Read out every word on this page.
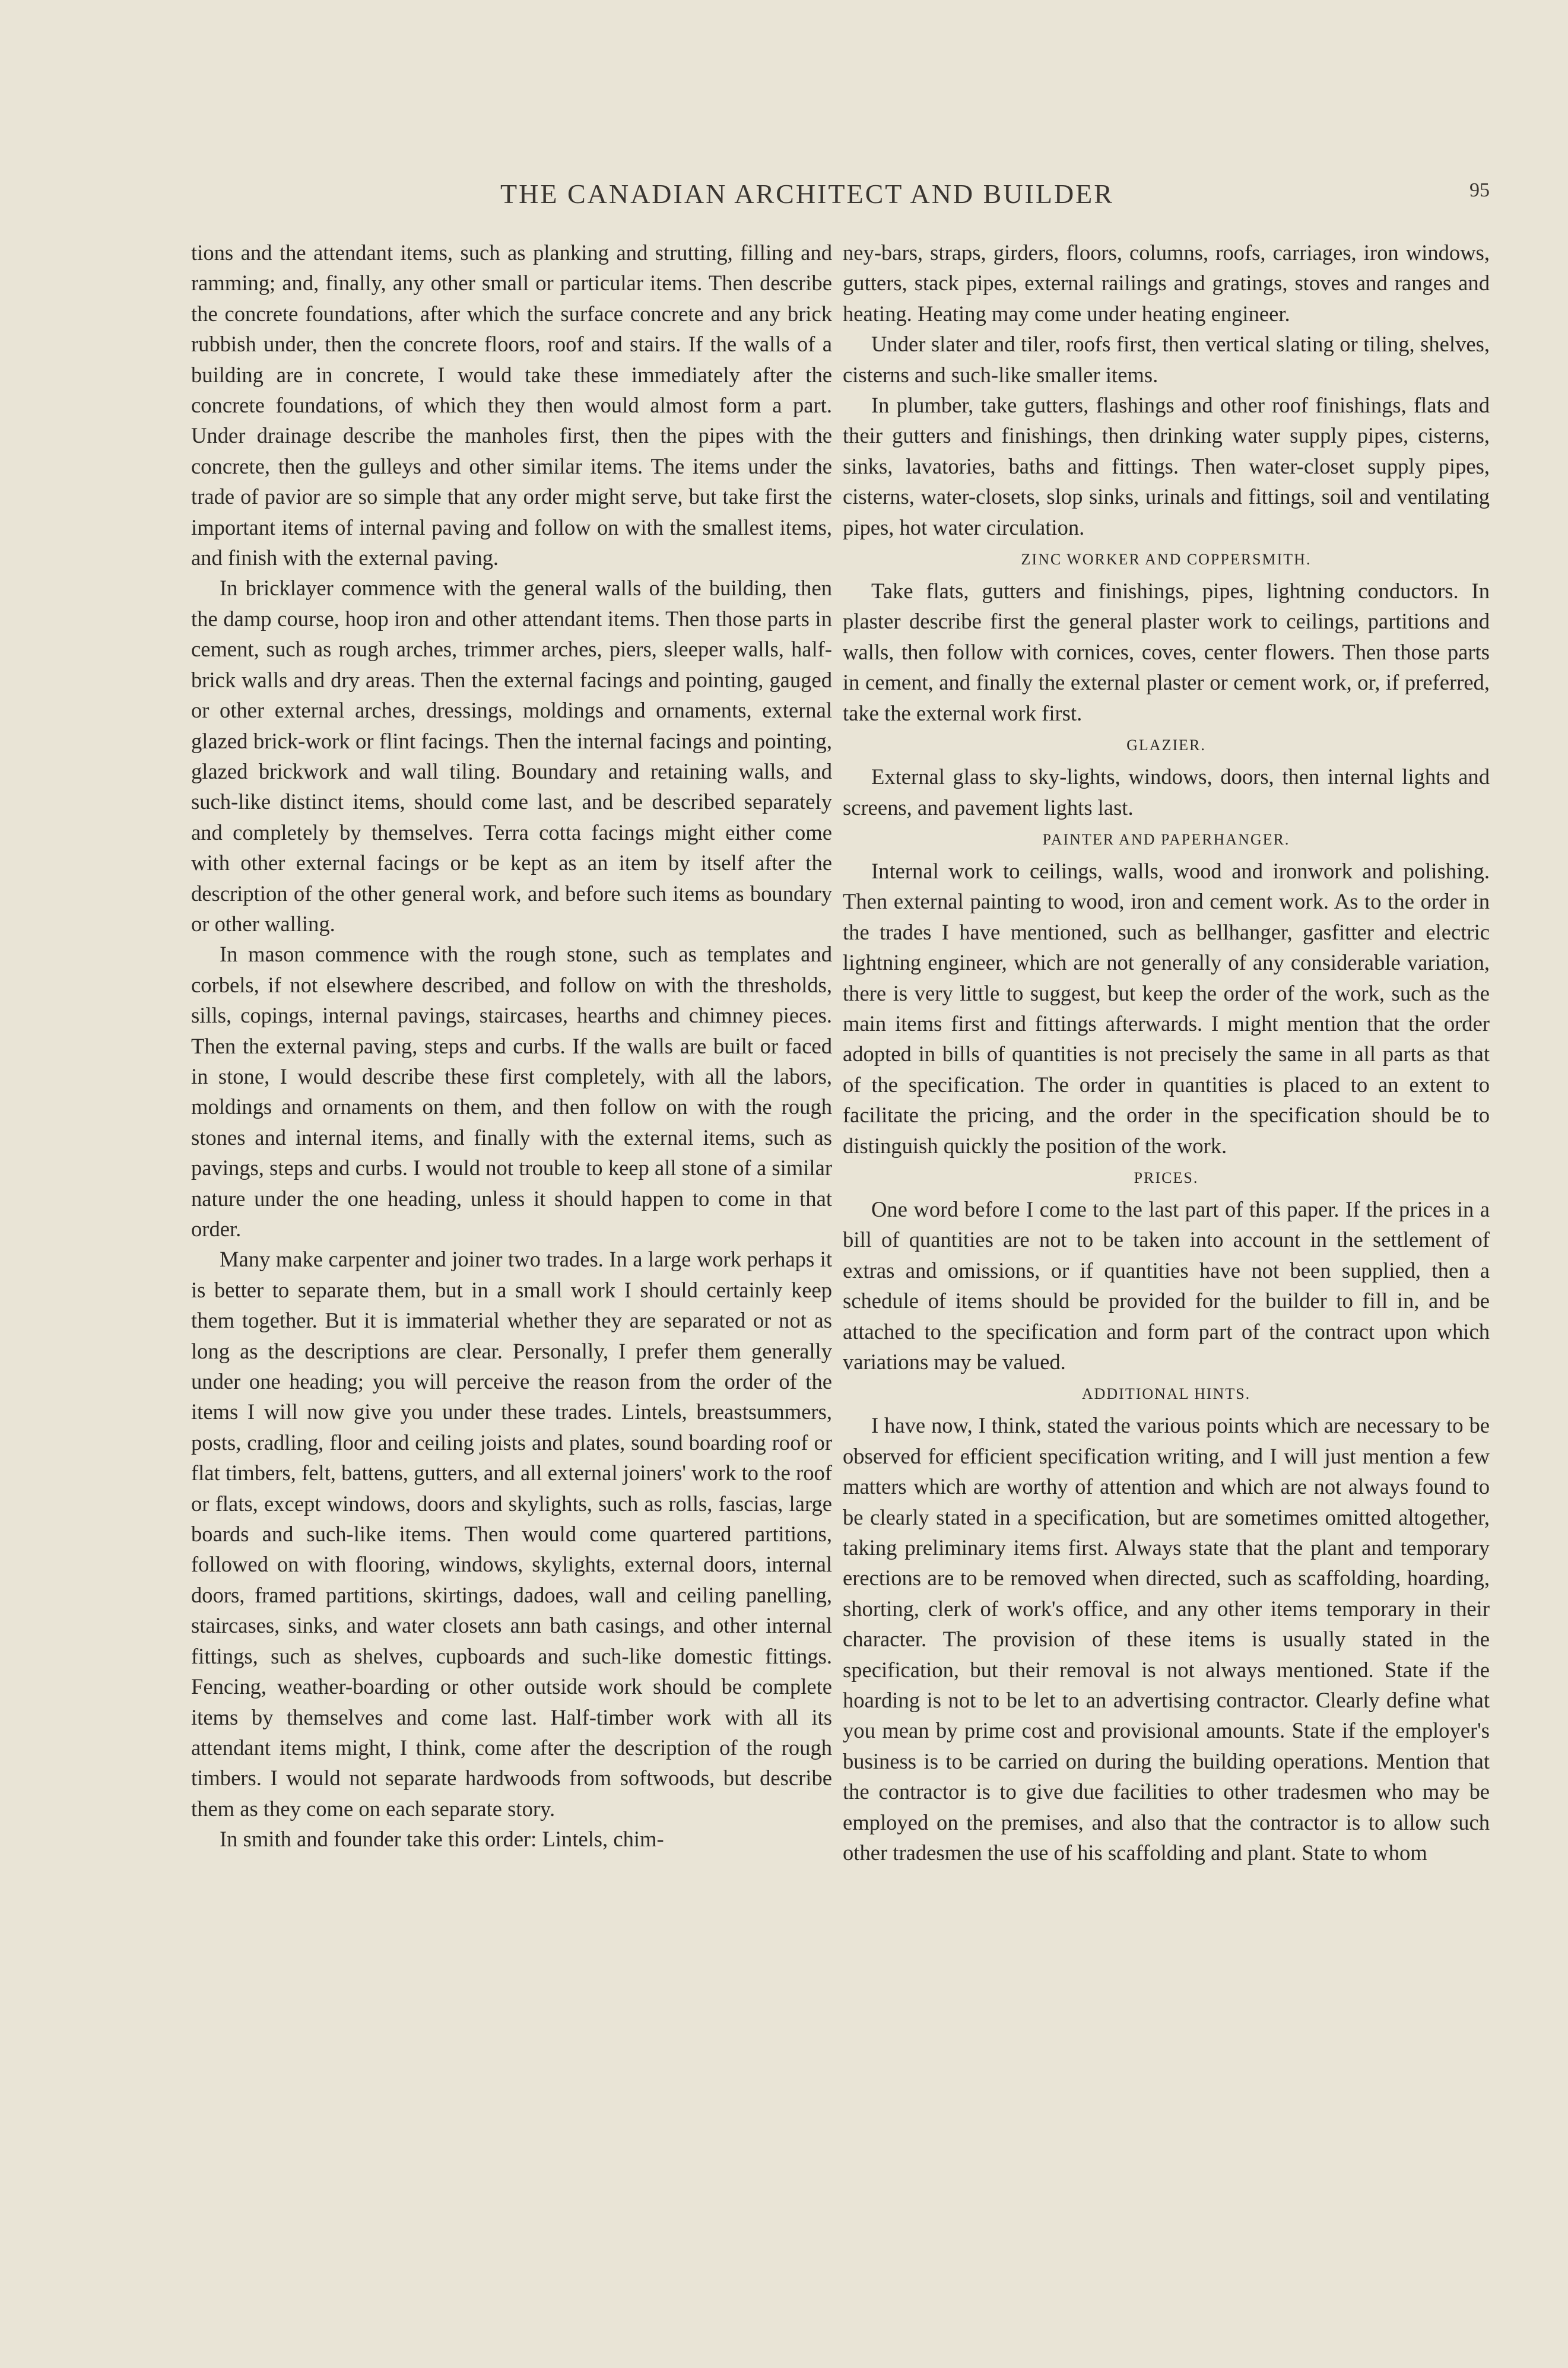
THE CANADIAN ARCHITECT AND BUILDER	95

tions and the attendant items, such as planking and strutting, filling and ramming; and, finally, any other small or particular items. Then describe the concrete foundations, after which the surface concrete and any brick rubbish under, then the concrete floors, roof and stairs. If the walls of a building are in concrete, I would take these immediately after the concrete foundations, of which they then would almost form a part. Under drainage describe the manholes first, then the pipes with the concrete, then the gulleys and other similar items. The items under the trade of pavior are so simple that any order might serve, but take first the important items of internal paving and follow on with the smallest items, and finish with the external paving.

In bricklayer commence with the general walls of the building, then the damp course, hoop iron and other attendant items. Then those parts in cement, such as rough arches, trimmer arches, piers, sleeper walls, half-brick walls and dry areas. Then the external facings and pointing, gauged or other external arches, dressings, moldings and ornaments, external glazed brick-work or flint facings. Then the internal facings and pointing, glazed brickwork and wall tiling. Boundary and retaining walls, and such-like distinct items, should come last, and be described separately and completely by themselves. Terra cotta facings might either come with other external facings or be kept as an item by itself after the description of the other general work, and before such items as boundary or other walling.

In mason commence with the rough stone, such as templates and corbels, if not elsewhere described, and follow on with the thresholds, sills, copings, internal pavings, staircases, hearths and chimney pieces. Then the external paving, steps and curbs. If the walls are built or faced in stone, I would describe these first completely, with all the labors, moldings and ornaments on them, and then follow on with the rough stones and internal items, and finally with the external items, such as pavings, steps and curbs. I would not trouble to keep all stone of a similar nature under the one heading, unless it should happen to come in that order.

Many make carpenter and joiner two trades. In a large work perhaps it is better to separate them, but in a small work I should certainly keep them together. But it is immaterial whether they are separated or not as long as the descriptions are clear. Personally, I prefer them generally under one heading; you will perceive the reason from the order of the items I will now give you under these trades. Lintels, breastsummers, posts, cradling, floor and ceiling joists and plates, sound boarding roof or flat timbers, felt, battens, gutters, and all external joiners' work to the roof or flats, except windows, doors and skylights, such as rolls, fascias, large boards and such-like items. Then would come quartered partitions, followed on with flooring, windows, skylights, external doors, internal doors, framed partitions, skirtings, dadoes, wall and ceiling panelling, staircases, sinks, and water closets ann bath casings, and other internal fittings, such as shelves, cupboards and such-like domestic fittings. Fencing, weather-boarding or other outside work should be complete items by themselves and come last. Half-timber work with all its attendant items might, I think, come after the description of the rough timbers. I would not separate hardwoods from softwoods, but describe them as they come on each separate story.

In smith and founder take this order: Lintels, chim-

ney-bars, straps, girders, floors, columns, roofs, carriages, iron windows, gutters, stack pipes, external railings and gratings, stoves and ranges and heating. Heating may come under heating engineer.

Under slater and tiler, roofs first, then vertical slating or tiling, shelves, cisterns and such-like smaller items.

In plumber, take gutters, flashings and other roof finishings, flats and their gutters and finishings, then drinking water supply pipes, cisterns, sinks, lavatories, baths and fittings. Then water-closet supply pipes, cisterns, water-closets, slop sinks, urinals and fittings, soil and ventilating pipes, hot water circulation.

ZINC WORKER AND COPPERSMITH.

Take flats, gutters and finishings, pipes, lightning conductors. In plaster describe first the general plaster work to ceilings, partitions and walls, then follow with cornices, coves, center flowers. Then those parts in cement, and finally the external plaster or cement work, or, if preferred, take the external work first.

GLAZIER.

External glass to sky-lights, windows, doors, then internal lights and screens, and pavement lights last.

PAINTER AND PAPERHANGER.

Internal work to ceilings, walls, wood and ironwork and polishing. Then external painting to wood, iron and cement work. As to the order in the trades I have mentioned, such as bellhanger, gasfitter and electric lightning engineer, which are not generally of any considerable variation, there is very little to suggest, but keep the order of the work, such as the main items first and fittings afterwards. I might mention that the order adopted in bills of quantities is not precisely the same in all parts as that of the specification. The order in quantities is placed to an extent to facilitate the pricing, and the order in the specification should be to distinguish quickly the position of the work.

PRICES.

One word before I come to the last part of this paper. If the prices in a bill of quantities are not to be taken into account in the settlement of extras and omissions, or if quantities have not been supplied, then a schedule of items should be provided for the builder to fill in, and be attached to the specification and form part of the contract upon which variations may be valued.

ADDITIONAL HINTS.

I have now, I think, stated the various points which are necessary to be observed for efficient specification writing, and I will just mention a few matters which are worthy of attention and which are not always found to be clearly stated in a specification, but are sometimes omitted altogether, taking preliminary items first. Always state that the plant and temporary erections are to be removed when directed, such as scaffolding, hoarding, shorting, clerk of work's office, and any other items temporary in their character. The provision of these items is usually stated in the specification, but their removal is not always mentioned. State if the hoarding is not to be let to an advertising contractor. Clearly define what you mean by prime cost and provisional amounts. State if the employer's business is to be carried on during the building operations. Mention that the contractor is to give due facilities to other tradesmen who may be employed on the premises, and also that the contractor is to allow such other tradesmen the use of his scaffolding and plant. State to whom
